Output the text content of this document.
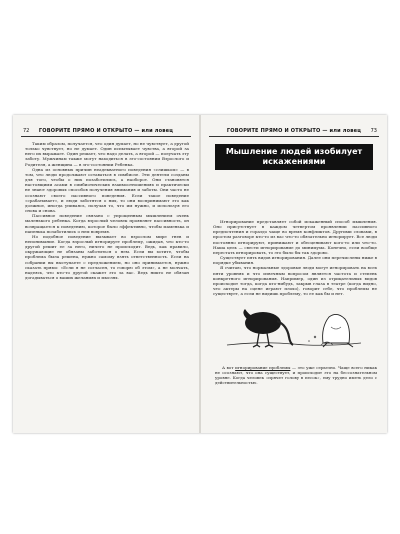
72	ГОВОРИТЕ ПРЯМО И ОТКРЫТО — или ловец

Таким образом, получается, что один думает, но не чувствует, а другой только чувствует, но не думает. Один испытывает чувства, а второй за него их выражает. Один решает, что надо делать, а второй — получать эту заботу. Мужчинам также могут находиться в эго-состоянии Взрослого и Родителя, а женщина — в эго-состоянии Ребенка.

Одна из основных причин неадекватного поведения «слишком» — в том, что люди продолжают оставаться в симбиозе. Эти деятели созданы для того, чтобы о них позаботились, а наоборот. Они становятся настоящими асами в симбиотических взаимоотношениях и практически не знают здоровых способов получения внимания и заботы. Они часто не осознают своего пассивного поведения. Если такое поведение «срабатывает», и люди заботятся о них, то они воспринимают это как должное, иногда упиваясь, получая то, что им нужно, и используя его снова и снова.

Пассивное поведение связано с упрощенным мышлением очень маленького ребенка. Когда взрослый человек проявляет пассивность, он возвращается к поведению, которое было эффективно, чтобы маменька и папенька позаботились о нем вовремя.

Но подобное поведение вызывает во взрослом мире гнев и непонимание. Когда взрослый игнорирует проблему, ожидая, что кто-то другой решит ее за него, ничего не происходит. Ведь, как правило, окружающие не обязаны заботиться о нем. Если вы хотите, чтобы проблема была решена, нужно самому взять ответственность. Если на собрании вы выступаете с предложением, но оно принимается, нужно сказать прямо: «Если я не согласен, то говорю об этом», а не молчать, надеясь, что кто-то другой скажет это за вас. Ведь никто не обязан догадываться о ваших желаниях и мыслях.

ГОВОРИТЕ ПРЯМО И ОТКРЫТО — или ловец	73
Мышление людей изобилует
искажениями

Игнорирование представляет собой искаженный способ мышления. Оно присутствует в каждом четвертом проявлении пассивного предпочтения и гораздо чаще во время конфликтов. Другими словами, в простом разговоре кто-то из вас что-то обязательно игнорирует. Все люди постоянно игнорируют, принижают и обесценивают кого-то или что-то. Наша цель — свести игнорирование до минимума. Конечно, если вообще перестать игнорировать, то это было бы так здорово.

Существует пять видов игнорирования. Далее они перечислены ниже в порядке убывания.

Я считаю, что нормальные здоровые люди могут игнорировать на всех пяти уровнях и что извечным вопросом является частота и степень конкретного игнорирования. Например, один из отрицательных видов происходит тогда, когда кто-нибудь, закрыв глаза в театре (когда видно, что актеры на сцене играют плохо), говорит себе, что проблемы не существует, а если не видишь проблему, то ее как бы и нет.

А вот игнорирование проблемы — это уже серьезно. Чаще всего никак не осознают, что она существует, и происходит это на бессознательном уровне. Когда человек «прячет голову в песок», ему трудно иметь дело с действительностью.
